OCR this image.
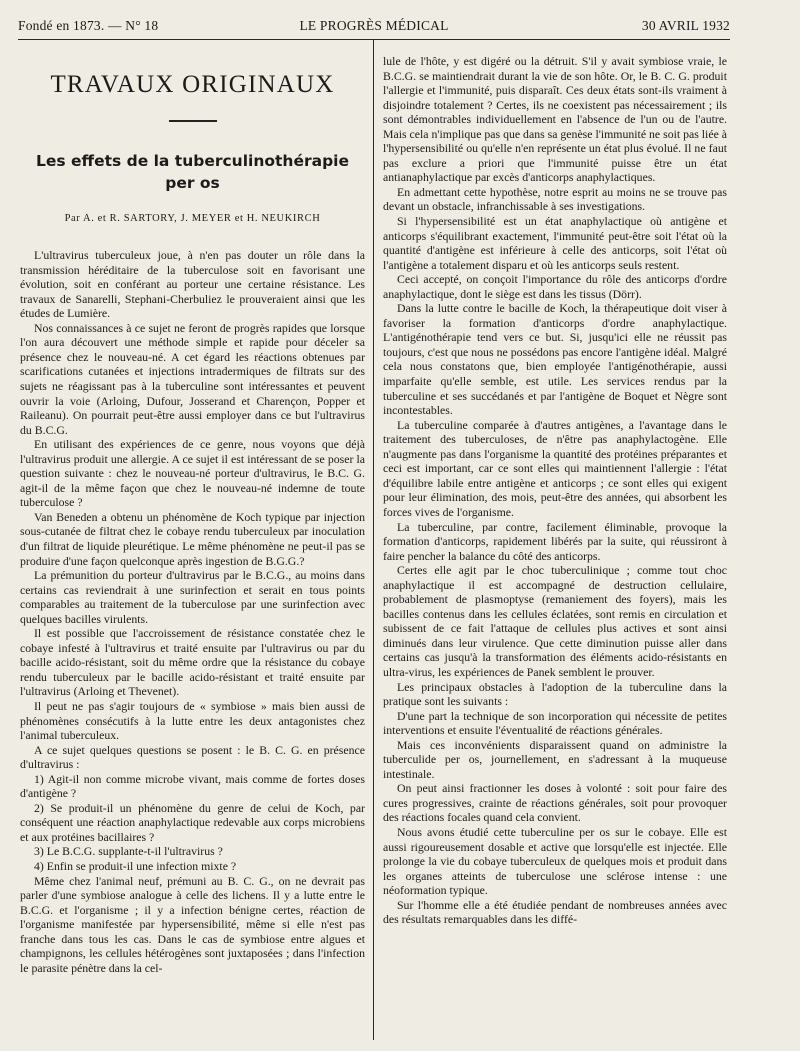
Fondé en 1873. — N° 18	LE PROGRÈS MÉDICAL	30 AVRIL 1932
TRAVAUX ORIGINAUX
Les effets de la tuberculinothérapie
per os
Par A. et R. SARTORY, J. MEYER et H. NEUKIRCH

L'ultravirus tuberculeux joue, à n'en pas douter un rôle dans la transmission héréditaire de la tuberculose soit en favorisant une évolution, soit en conférant au porteur une certaine résistance. Les travaux de Sanarelli, Stephani-Cherbuliez le prouveraient ainsi que les études de Lumière.

Nos connaissances à ce sujet ne feront de progrès rapides que lorsque l'on aura découvert une méthode simple et rapide pour déceler sa présence chez le nouveau-né. A cet égard les réactions obtenues par scarifications cutanées et injections intradermiques de filtrats sur des sujets ne réagissant pas à la tuberculine sont intéressantes et peuvent ouvrir la voie (Arloing, Dufour, Josserand et Charençon, Popper et Raileanu). On pourrait peut-être aussi employer dans ce but l'ultravirus du B.C.G.

En utilisant des expériences de ce genre, nous voyons que déjà l'ultravirus produit une allergie. A ce sujet il est intéressant de se poser la question suivante : chez le nouveau-né porteur d'ultravirus, le B.C. G. agit-il de la même façon que chez le nouveau-né indemne de toute tuberculose ?

Van Beneden a obtenu un phénomène de Koch typique par injection sous-cutanée de filtrat chez le cobaye rendu tuberculeux par inoculation d'un filtrat de liquide pleurétique. Le même phénomène ne peut-il pas se produire d'une façon quelconque après ingestion de B.G.G.?

La prémunition du porteur d'ultravirus par le B.C.G., au moins dans certains cas reviendrait à une surinfection et serait en tous points comparables au traitement de la tuberculose par une surinfection avec quelques bacilles virulents.

Il est possible que l'accroissement de résistance constatée chez le cobaye infesté à l'ultravirus et traité ensuite par l'ultravirus ou par du bacille acido-résistant, soit du même ordre que la résistance du cobaye rendu tuberculeux par le bacille acido-résistant et traité ensuite par l'ultravirus (Arloing et Thevenet).

Il peut ne pas s'agir toujours de « symbiose » mais bien aussi de phénomènes consécutifs à la lutte entre les deux antagonistes chez l'animal tuberculeux.

A ce sujet quelques questions se posent : le B. C. G. en présence d'ultravirus :

1) Agit-il non comme microbe vivant, mais comme de fortes doses d'antigène ?

2) Se produit-il un phénomène du genre de celui de Koch, par conséquent une réaction anaphylactique redevable aux corps microbiens et aux protéines bacillaires ?

3) Le B.C.G. supplante-t-il l'ultravirus ?

4) Enfin se produit-il une infection mixte ?

Même chez l'animal neuf, prémuni au B. C. G., on ne devrait pas parler d'une symbiose analogue à celle des lichens. Il y a lutte entre le B.C.G. et l'organisme ; il y a infection bénigne certes, réaction de l'organisme manifestée par hypersensibilité, même si elle n'est pas franche dans tous les cas. Dans le cas de symbiose entre algues et champignons, les cellules hétérogènes sont juxtaposées ; dans l'infection le parasite pénètre dans la cel-

lule de l'hôte, y est digéré ou la détruit. S'il y avait symbiose vraie, le B.C.G. se maintiendrait durant la vie de son hôte. Or, le B. C. G. produit l'allergie et l'immunité, puis disparaît. Ces deux états sont-ils vraiment à disjoindre totalement ? Certes, ils ne coexistent pas nécessairement ; ils sont démontrables individuellement en l'absence de l'un ou de l'autre. Mais cela n'implique pas que dans sa genèse l'immunité ne soit pas liée à l'hypersensibilité ou qu'elle n'en représente un état plus évolué. Il ne faut pas exclure a priori que l'immunité puisse être un état antianaphylactique par excès d'anticorps anaphylactiques.

En admettant cette hypothèse, notre esprit au moins ne se trouve pas devant un obstacle, infranchissable à ses investigations.

Si l'hypersensibilité est un état anaphylactique où antigène et anticorps s'équilibrant exactement, l'immunité peut-être soit l'état où la quantité d'antigène est inférieure à celle des anticorps, soit l'état où l'antigène a totalement disparu et où les anticorps seuls restent.

Ceci accepté, on conçoit l'importance du rôle des anticorps d'ordre anaphylactique, dont le siège est dans les tissus (Dörr).

Dans la lutte contre le bacille de Koch, la thérapeutique doit viser à favoriser la formation d'anticorps d'ordre anaphylactique. L'antigénothérapie tend vers ce but. Si, jusqu'ici elle ne réussit pas toujours, c'est que nous ne possédons pas encore l'antigène idéal. Malgré cela nous constatons que, bien employée l'antigénothérapie, aussi imparfaite qu'elle semble, est utile. Les services rendus par la tuberculine et ses succédanés et par l'antigène de Boquet et Nègre sont incontestables.

La tuberculine comparée à d'autres antigènes, a l'avantage dans le traitement des tuberculoses, de n'être pas anaphylactogène. Elle n'augmente pas dans l'organisme la quantité des protéines préparantes et ceci est important, car ce sont elles qui maintiennent l'allergie : l'état d'équilibre labile entre antigène et anticorps ; ce sont elles qui exigent pour leur élimination, des mois, peut-être des années, qui absorbent les forces vives de l'organisme.

La tuberculine, par contre, facilement éliminable, provoque la formation d'anticorps, rapidement libérés par la suite, qui réussiront à faire pencher la balance du côté des anticorps.

Certes elle agit par le choc tuberculinique ; comme tout choc anaphylactique il est accompagné de destruction cellulaire, probablement de plasmoptyse (remaniement des foyers), mais les bacilles contenus dans les cellules éclatées, sont remis en circulation et subissent de ce fait l'attaque de cellules plus actives et sont ainsi diminués dans leur virulence. Que cette diminution puisse aller dans certains cas jusqu'à la transformation des éléments acido-résistants en ultra-virus, les expériences de Panek semblent le prouver.

Les principaux obstacles à l'adoption de la tuberculine dans la pratique sont les suivants :

D'une part la technique de son incorporation qui nécessite de petites interventions et ensuite l'éventualité de réactions générales.

Mais ces inconvénients disparaissent quand on administre la tuberculide per os, journellement, en s'adressant à la muqueuse intestinale.

On peut ainsi fractionner les doses à volonté : soit pour faire des cures progressives, crainte de réactions générales, soit pour provoquer des réactions focales quand cela convient.

Nous avons étudié cette tuberculine per os sur le cobaye. Elle est aussi rigoureusement dosable et active que lorsqu'elle est injectée. Elle prolonge la vie du cobaye tuberculeux de quelques mois et produit dans les organes atteints de tuberculose une sclérose intense : une néoformation typique.

Sur l'homme elle a été étudiée pendant de nombreuses années avec des résultats remarquables dans les diffé-
